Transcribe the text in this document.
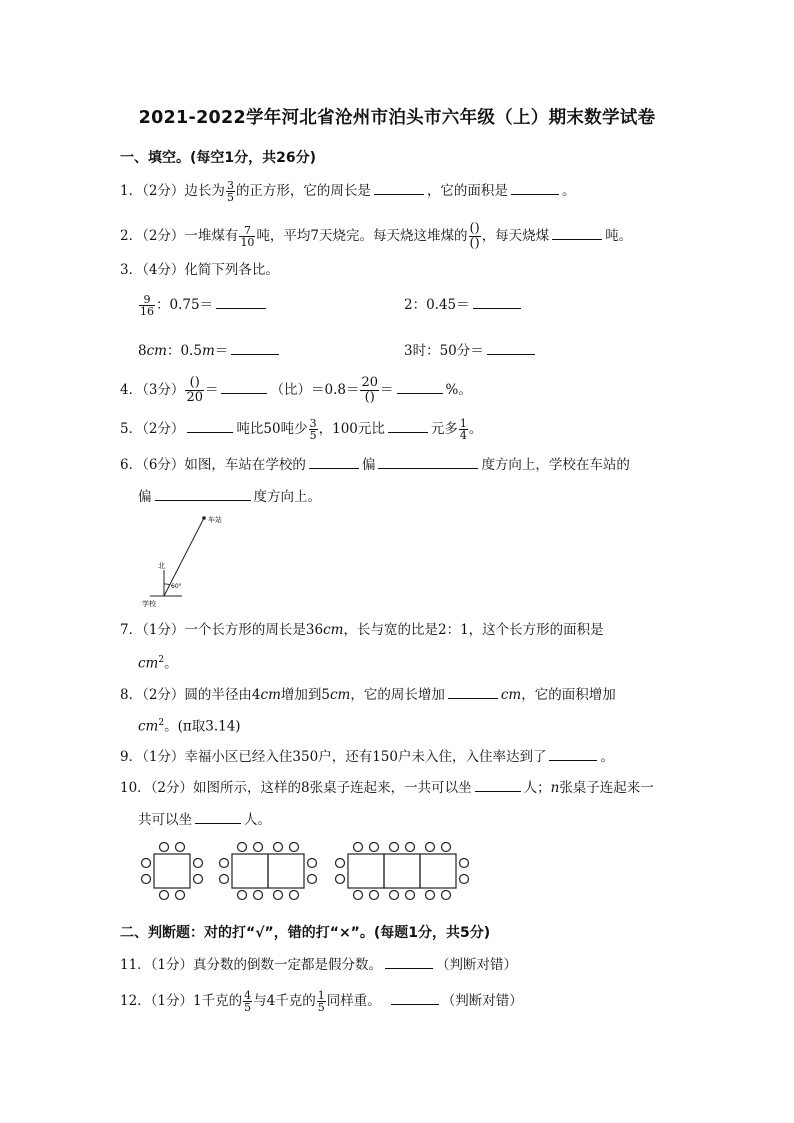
2021-2022学年河北省沧州市泊头市六年级（上）期末数学试卷
一、填空。(每空1分，共26分)
1．（2分）边长为 $\frac{3}{5}$ 的正方形，它的周长是	，它的面积是	。
2．（2分）一堆煤有 $\frac{7}{10}$ 吨，平均7天烧完。每天烧这堆煤的 $\frac{()}{()}$ ，每天烧煤	吨。
3．（4分）化简下列各比。
$\frac{9}{16}$ ：0.75＝	2：0.45＝
8cm：0.5m＝	3时：50分＝
4．（3分） $\frac{()}{20}$ ＝	（比）$=0.8= \frac{20}{()}$ ＝	%。
5．（2分）	吨比50吨少 $\frac{3}{5}$ ，100元比	元多 $\frac{1}{4}$ 。
6．（6分）如图，车站在学校的	偏	度方向上，学校在车站的
偏	度方向上。
车站
北
学校
60°
7．（1分）一个长方形的周长是36cm，长与宽的比是2：1，这个长方形的面积是
$cm^2$。
8．（2分）圆的半径由4cm增加到5cm，它的周长增加	cm，它的面积增加
$cm^2$。(π取3.14)
9．（1分）幸福小区已经入住350户，还有150户未入住，入住率达到了	。
10．（2分）如图所示，这样的8张桌子连起来，一共可以坐	人；n张桌子连起来一
共可以坐	人。
二、判断题：对的打“√”，错的打“×”。(每题1分，共5分)
11．（1分）真分数的倒数一定都是假分数。	（判断对错）
12．（1分）1千克的 $\frac{4}{5}$ 与4千克的 $\frac{1}{5}$ 同样重。	（判断对错）
